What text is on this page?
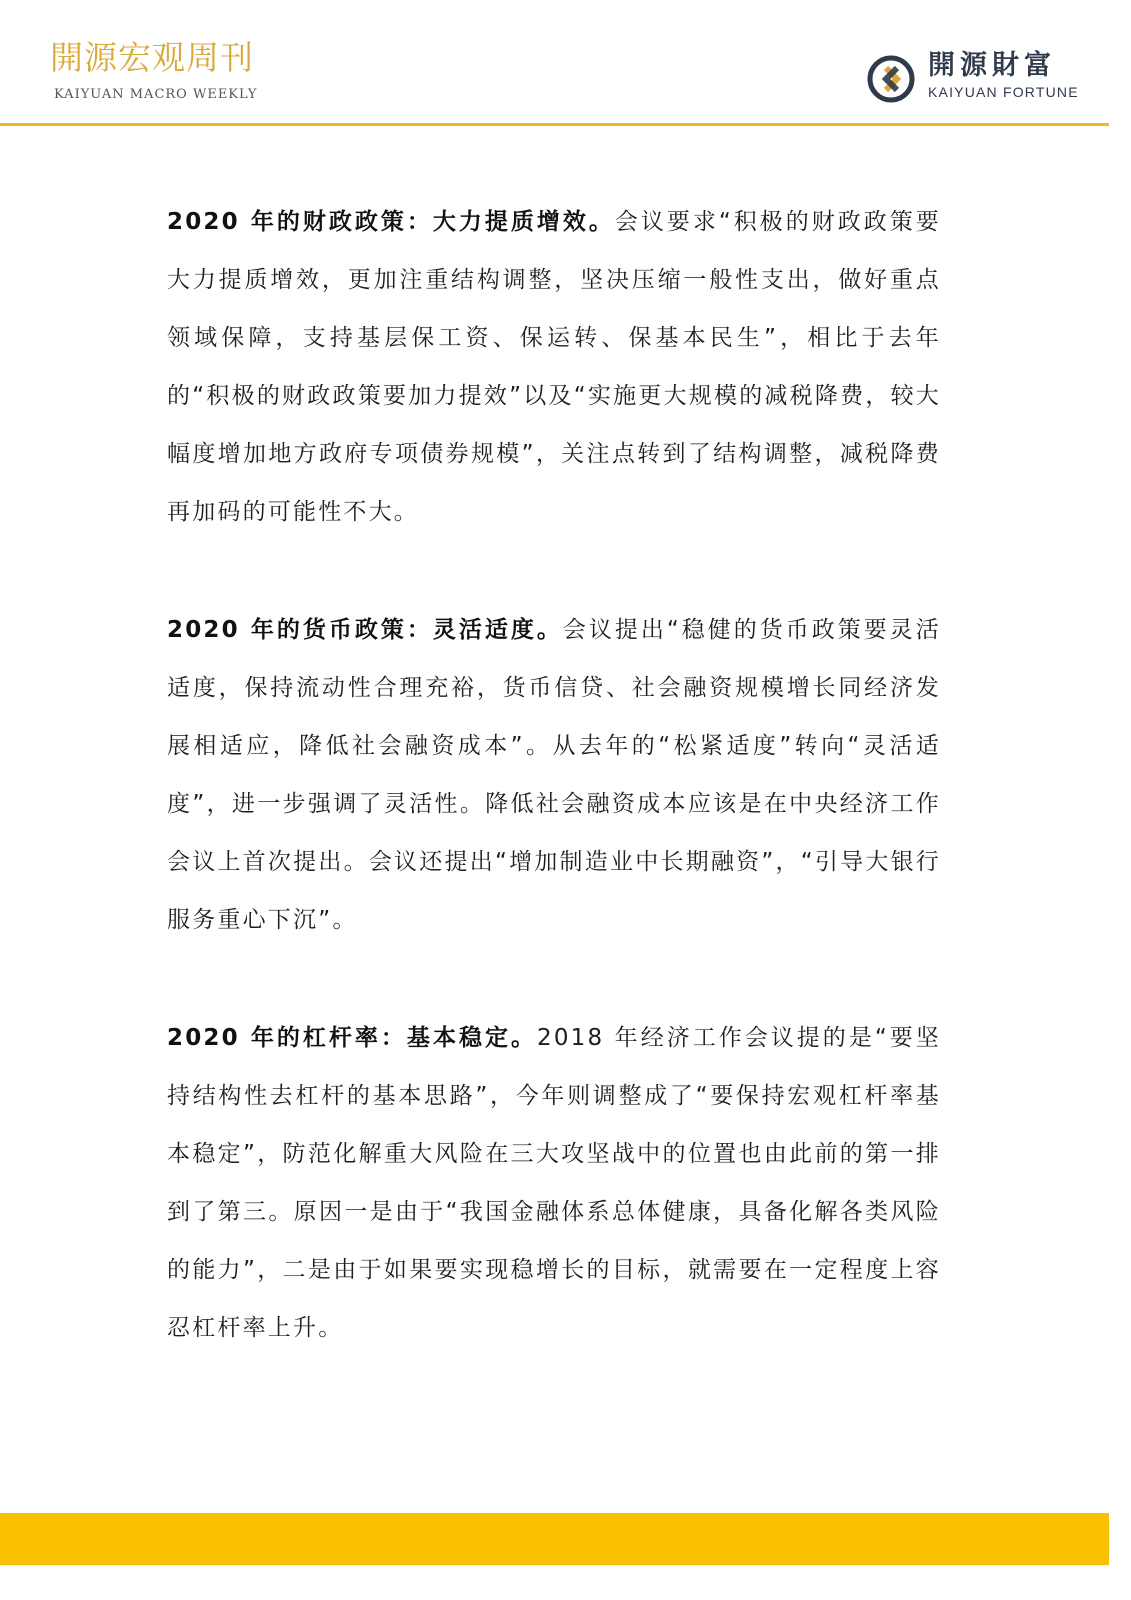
開源宏观周刊
KAIYUAN MACRO WEEKLY
開源財富
KAIYUAN FORTUNE

2020 年的财政政策：大力提质增效。会议要求“积极的财政政策要大力提质增效，更加注重结构调整，坚决压缩一般性支出，做好重点领域保障，支持基层保工资、保运转、保基本民生”，相比于去年的“积极的财政政策要加力提效”以及“实施更大规模的减税降费，较大幅度增加地方政府专项债券规模”，关注点转到了结构调整，减税降费再加码的可能性不大。

2020 年的货币政策：灵活适度。会议提出“稳健的货币政策要灵活适度，保持流动性合理充裕，货币信贷、社会融资规模增长同经济发展相适应，降低社会融资成本”。从去年的“松紧适度”转向“灵活适度”，进一步强调了灵活性。降低社会融资成本应该是在中央经济工作会议上首次提出。会议还提出“增加制造业中长期融资”，“引导大银行服务重心下沉”。

2020 年的杠杆率：基本稳定。2018 年经济工作会议提的是“要坚持结构性去杠杆的基本思路”，今年则调整成了“要保持宏观杠杆率基本稳定”，防范化解重大风险在三大攻坚战中的位置也由此前的第一排到了第三。原因一是由于“我国金融体系总体健康，具备化解各类风险的能力”，二是由于如果要实现稳增长的目标，就需要在一定程度上容忍杠杆率上升。
